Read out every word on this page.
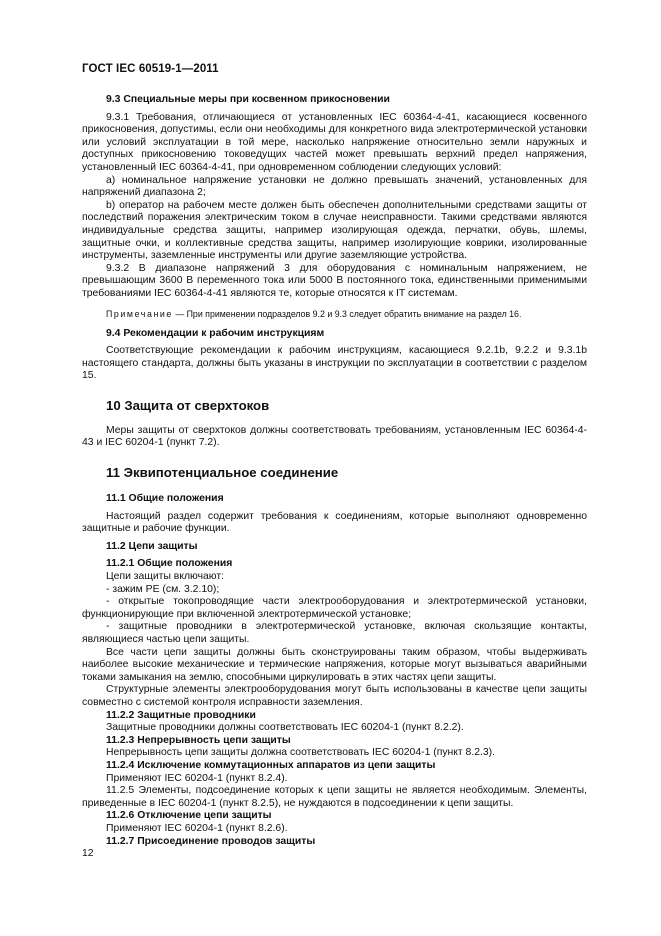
ГОСТ IEC 60519-1—2011

9.3 Специальные меры при косвенном прикосновении

9.3.1 Требования, отличающиеся от установленных IEC 60364-4-41, касающиеся косвенного прикосновения, допустимы, если они необходимы для конкретного вида электротермической установки или условий эксплуатации в той мере, насколько напряжение относительно земли наружных и доступных прикосновению токоведущих частей может превышать верхний предел напряжения, установленный IEC 60364-4-41, при одновременном соблюдении следующих условий:

a) номинальное напряжение установки не должно превышать значений, установленных для напряжений диапазона 2;

b) оператор на рабочем месте должен быть обеспечен дополнительными средствами защиты от последствий поражения электрическим током в случае неисправности. Такими средствами являются индивидуальные средства защиты, например изолирующая одежда, перчатки, обувь, шлемы, защитные очки, и коллективные средства защиты, например изолирующие коврики, изолированные инструменты, заземленные инструменты или другие заземляющие устройства.

9.3.2 В диапазоне напряжений 3 для оборудования с номинальным напряжением, не превышающим 3600 В переменного тока или 5000 В постоянного тока, единственными применимыми требованиями IEC 60364-4-41 являются те, которые относятся к IT системам.

Примечание — При применении подразделов 9.2 и 9.3 следует обратить внимание на раздел 16.

9.4 Рекомендации к рабочим инструкциям

Соответствующие рекомендации к рабочим инструкциям, касающиеся 9.2.1b, 9.2.2 и 9.3.1b настоящего стандарта, должны быть указаны в инструкции по эксплуатации в соответствии с разделом 15.

10 Защита от сверхтоков

Меры защиты от сверхтоков должны соответствовать требованиям, установленным IEC 60364-4-43 и IEC 60204-1 (пункт 7.2).

11 Эквипотенциальное соединение

11.1 Общие положения

Настоящий раздел содержит требования к соединениям, которые выполняют одновременно защитные и рабочие функции.

11.2 Цепи защиты

11.2.1 Общие положения

Цепи защиты включают:

- зажим PE (см. 3.2.10);

- открытые токопроводящие части электрооборудования и электротермической установки, функционирующие при включенной электротермической установке;

- защитные проводники в электротермической установке, включая скользящие контакты, являющиеся частью цепи защиты.

Все части цепи защиты должны быть сконструированы таким образом, чтобы выдерживать наиболее высокие механические и термические напряжения, которые могут вызываться аварийными токами замыкания на землю, способными циркулировать в этих частях цепи защиты.

Структурные элементы электрооборудования могут быть использованы в качестве цепи защиты совместно с системой контроля исправности заземления.

11.2.2 Защитные проводники

Защитные проводники должны соответствовать IEC 60204-1 (пункт 8.2.2).

11.2.3 Непрерывность цепи защиты

Непрерывность цепи защиты должна соответствовать IEC 60204-1 (пункт 8.2.3).

11.2.4 Исключение коммутационных аппаратов из цепи защиты

Применяют IEC 60204-1 (пункт 8.2.4).

11.2.5 Элементы, подсоединение которых к цепи защиты не является необходимым. Элементы, приведенные в IEC 60204-1 (пункт 8.2.5), не нуждаются в подсоединении к цепи защиты.

11.2.6 Отключение цепи защиты

Применяют IEC 60204-1 (пункт 8.2.6).

11.2.7 Присоединение проводов защиты

12
